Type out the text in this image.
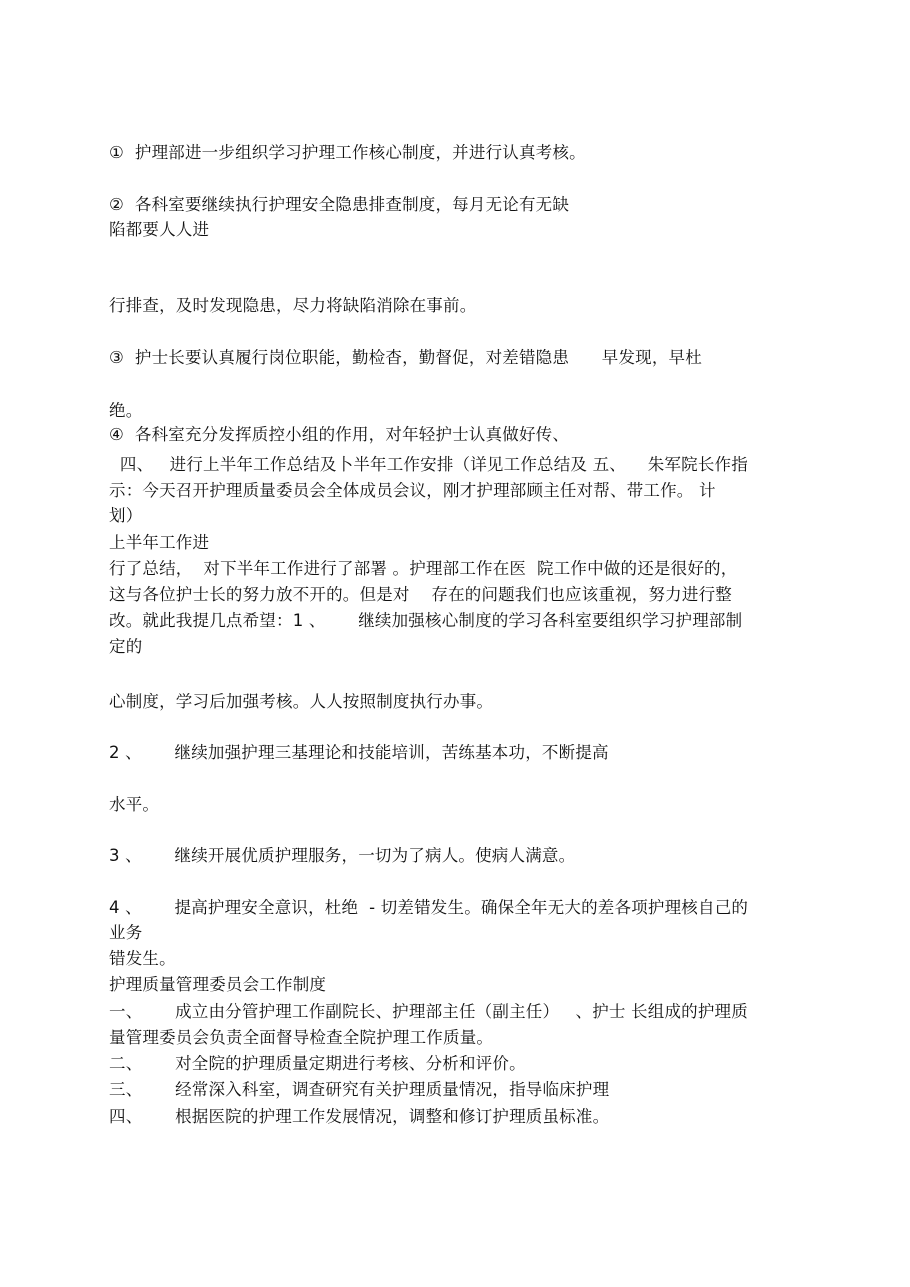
①  护理部进一步组织学习护理工作核心制度，并进行认真考核。
②  各科室要继续执行护理安全隐患排查制度，每月无论有无缺
陷都要人人进
行排查，及时发现隐患，尽力将缺陷消除在事前。
③  护士长要认真履行岗位职能，勤检杳，勤督促，对差错隐患      早发现，早杜
绝。
④  各科室充分发挥质控小组的作用，对年轻护士认真做好传、
四、   进行上半年工作总结及卜半年工作安排（详见工作总结及 五、    朱军院长作指
示：今天召开护理质量委员会全体成员会议，刚才护理部顾主任对帮、带工作。 计
划）
上半年工作进
行了总结，  对下半年工作进行了部署 。护理部工作在医  院工作中做的还是很好的，
这与各位护士长的努力放不开的。但是对    存在的问题我们也应该重视，努力进行整
改。就此我提几点希望：1 、      继续加强核心制度的学习各科室要组织学习护理部制
定的
心制度，学习后加强考核。人人按照制度执行办事。
2 、      继续加强护理三基理论和技能培训，苦练基本功，不断提高
水平。
3 、      继续开展优质护理服务，一切为了病人。使病人满意。
4 、      提高护理安全意识，杜绝  - 切差错发生。确保全年无大的差各项护理核自己的
业务
错发生。
护理质量管理委员会工作制度
一、      成立由分管护理工作副院长、护理部主任（副主任）   、护士 长组成的护理质
量管理委员会负责全面督导检查全院护理工作质量。
二、      对全院的护理质量定期进行考核、分析和评价。
三、      经常深入科室，调查研究有关护理质量情况，指导临床护理
四、      根据医院的护理工作发展情况，调整和修订护理质虽标准。
